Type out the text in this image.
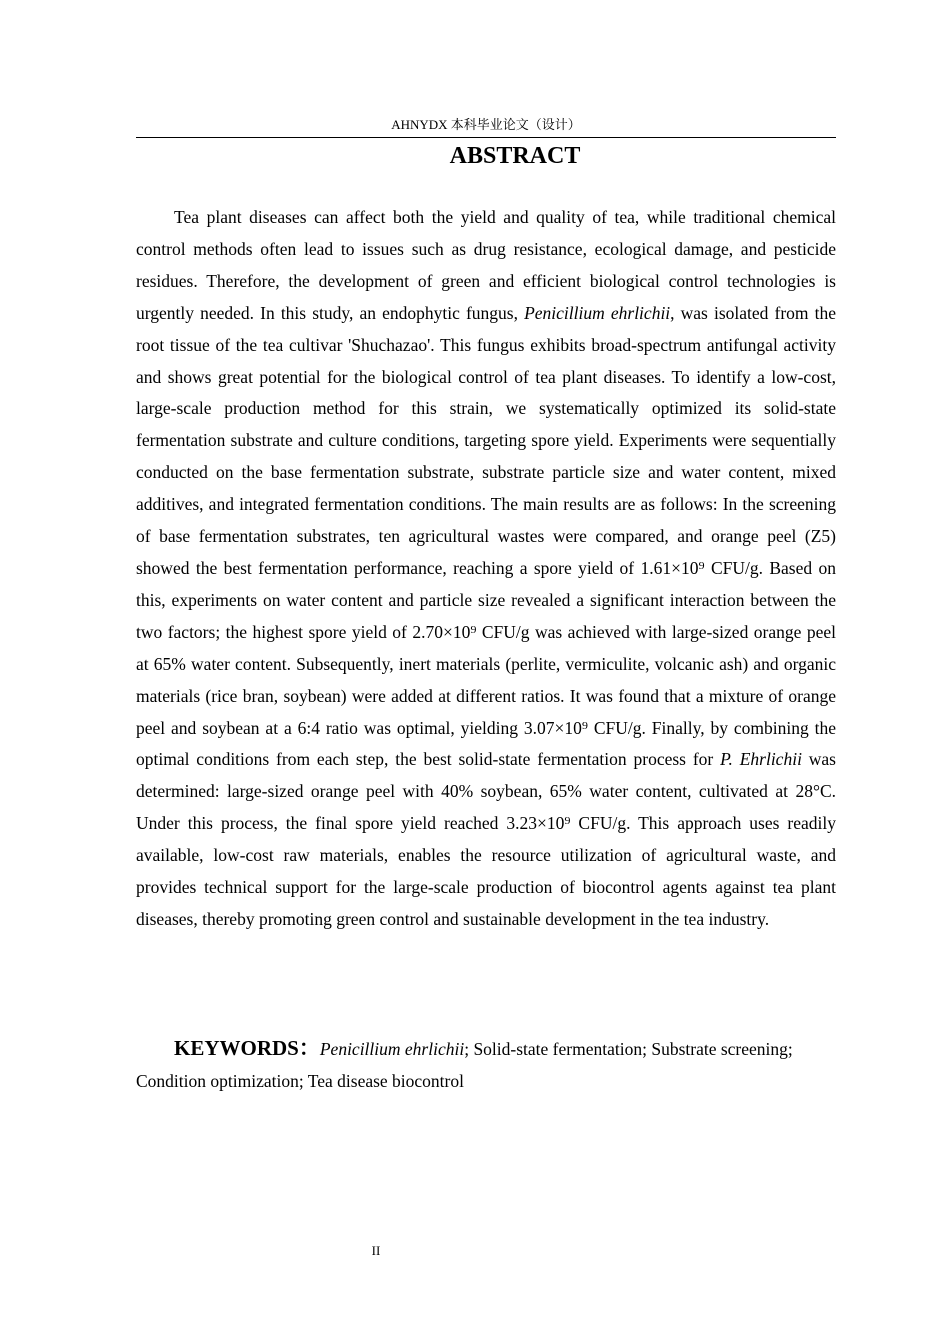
AHNYDX 本科毕业论文（设计）
ABSTRACT

Tea plant diseases can affect both the yield and quality of tea, while traditional chemical control methods often lead to issues such as drug resistance, ecological damage, and pesticide residues. Therefore, the development of green and efficient biological control technologies is urgently needed. In this study, an endophytic fungus, Penicillium ehrlichii, was isolated from the root tissue of the tea cultivar 'Shuchazao'. This fungus exhibits broad-spectrum antifungal activity and shows great potential for the biological control of tea plant diseases. To identify a low-cost, large-scale production method for this strain, we systematically optimized its solid-state fermentation substrate and culture conditions, targeting spore yield. Experiments were sequentially conducted on the base fermentation substrate, substrate particle size and water content, mixed additives, and integrated fermentation conditions. The main results are as follows: In the screening of base fermentation substrates, ten agricultural wastes were compared, and orange peel (Z5) showed the best fermentation performance, reaching a spore yield of 1.61×10⁹ CFU/g. Based on this, experiments on water content and particle size revealed a significant interaction between the two factors; the highest spore yield of 2.70×10⁹ CFU/g was achieved with large-sized orange peel at 65% water content. Subsequently, inert materials (perlite, vermiculite, volcanic ash) and organic materials (rice bran, soybean) were added at different ratios. It was found that a mixture of orange peel and soybean at a 6:4 ratio was optimal, yielding 3.07×10⁹ CFU/g. Finally, by combining the optimal conditions from each step, the best solid-state fermentation process for P. Ehrlichii was determined: large-sized orange peel with 40% soybean, 65% water content, cultivated at 28°C. Under this process, the final spore yield reached 3.23×10⁹ CFU/g. This approach uses readily available, low-cost raw materials, enables the resource utilization of agricultural waste, and provides technical support for the large-scale production of biocontrol agents against tea plant diseases, thereby promoting green control and sustainable development in the tea industry.

KEYWORDS：Penicillium ehrlichii; Solid-state fermentation; Substrate screening; Condition optimization; Tea disease biocontrol

II
